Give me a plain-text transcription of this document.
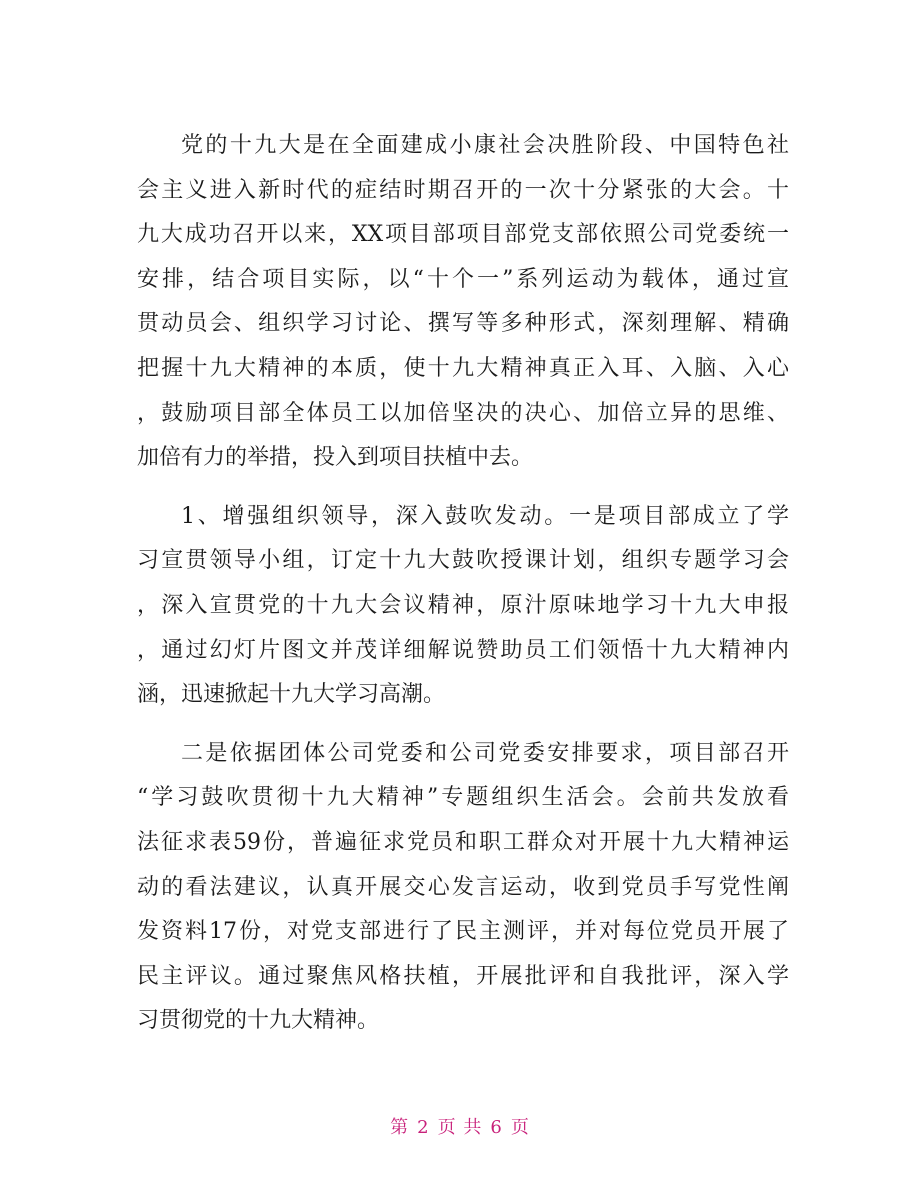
党的十九大是在全面建成小康社会决胜阶段、中国特色社
会主义进入新时代的症结时期召开的一次十分紧张的大会。十
九大成功召开以来，XX项目部项目部党支部依照公司党委统一
安排，结合项目实际，以“十个一”系列运动为载体，通过宣
贯动员会、组织学习讨论、撰写等多种形式，深刻理解、精确
把握十九大精神的本质，使十九大精神真正入耳、入脑、入心
，鼓励项目部全体员工以加倍坚决的决心、加倍立异的思维、
加倍有力的举措，投入到项目扶植中去。
1、增强组织领导，深入鼓吹发动。一是项目部成立了学
习宣贯领导小组，订定十九大鼓吹授课计划，组织专题学习会
，深入宣贯党的十九大会议精神，原汁原味地学习十九大申报
，通过幻灯片图文并茂详细解说赞助员工们领悟十九大精神内
涵，迅速掀起十九大学习高潮。
二是依据团体公司党委和公司党委安排要求，项目部召开
“学习鼓吹贯彻十九大精神”专题组织生活会。会前共发放看
法征求表59份，普遍征求党员和职工群众对开展十九大精神运
动的看法建议，认真开展交心发言运动，收到党员手写党性阐
发资料17份，对党支部进行了民主测评，并对每位党员开展了
民主评议。通过聚焦风格扶植，开展批评和自我批评，深入学
习贯彻党的十九大精神。
第 2 页 共 6 页
